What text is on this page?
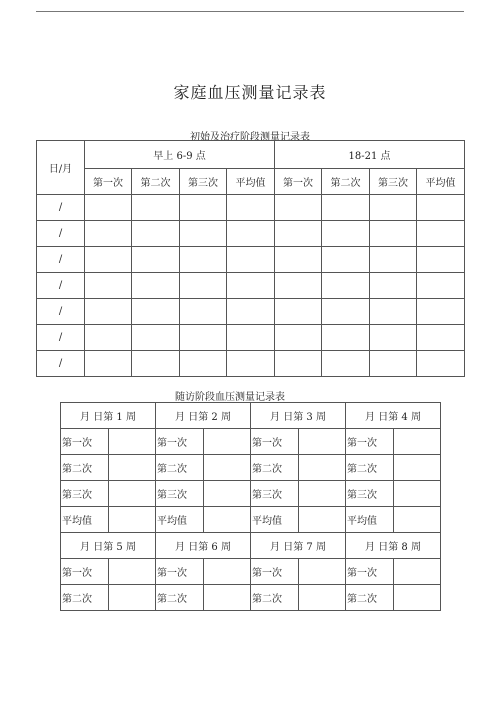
家庭血压测量记录表
初始及治疗阶段测量记录表
日/月	早上 6-9 点				18-21 点			
	第一次	第二次	第三次	平均值	第一次	第二次	第三次	平均值
/								
/								
/								
/								
/								
/								
/								
随访阶段血压测量记录表
月 日第 1 周		月 日第 2 周		月 日第 3 周		月 日第 4 周	
第一次		第一次		第一次		第一次	
第二次		第二次		第二次		第二次	
第三次		第三次		第三次		第三次	
平均值		平均值		平均值		平均值	
月 日第 5 周		月 日第 6 周		月 日第 7 周		月 日第 8 周	
第一次		第一次		第一次		第一次	
第二次		第二次		第二次		第二次	
